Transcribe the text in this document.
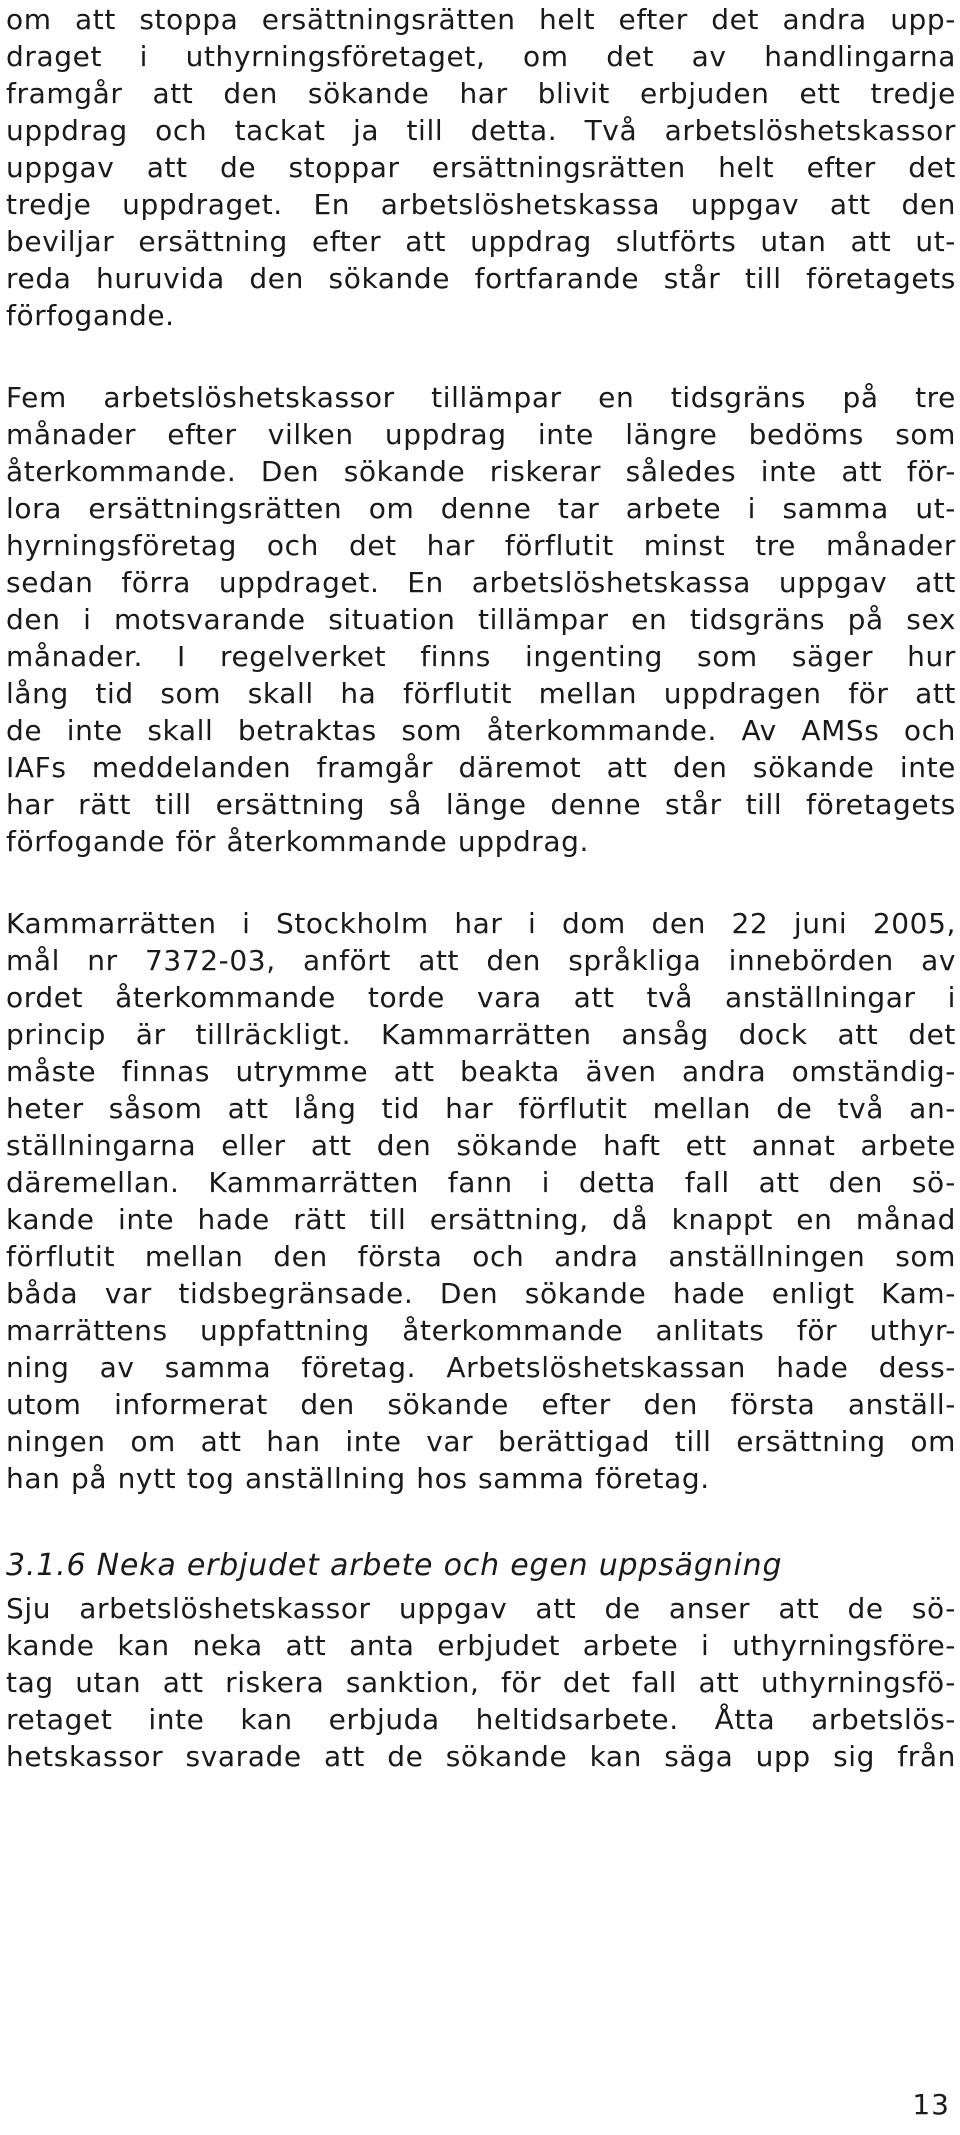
om att stoppa ersättningsrätten helt efter det andra upp-

draget i uthyrningsföretaget, om det av handlingarna

framgår att den sökande har blivit erbjuden ett tredje

uppdrag och tackat ja till detta. Två arbetslöshetskassor

uppgav att de stoppar ersättningsrätten helt efter det

tredje uppdraget. En arbetslöshetskassa uppgav att den

beviljar ersättning efter att uppdrag slutförts utan att ut-

reda huruvida den sökande fortfarande står till företagets

förfogande.

Fem arbetslöshetskassor tillämpar en tidsgräns på tre

månader efter vilken uppdrag inte längre bedöms som

återkommande. Den sökande riskerar således inte att för-

lora ersättningsrätten om denne tar arbete i samma ut-

hyrningsföretag och det har förflutit minst tre månader

sedan förra uppdraget. En arbetslöshetskassa uppgav att

den i motsvarande situation tillämpar en tidsgräns på sex

månader. I regelverket finns ingenting som säger hur

lång tid som skall ha förflutit mellan uppdragen för att

de inte skall betraktas som återkommande. Av AMSs och

IAFs meddelanden framgår däremot att den sökande inte

har rätt till ersättning så länge denne står till företagets

förfogande för återkommande uppdrag.

Kammarrätten i Stockholm har i dom den 22 juni 2005,

mål nr 7372-03, anfört att den språkliga innebörden av

ordet återkommande torde vara att två anställningar i

princip är tillräckligt. Kammarrätten ansåg dock att det

måste finnas utrymme att beakta även andra omständig-

heter såsom att lång tid har förflutit mellan de två an-

ställningarna eller att den sökande haft ett annat arbete

däremellan. Kammarrätten fann i detta fall att den sö-

kande inte hade rätt till ersättning, då knappt en månad

förflutit mellan den första och andra anställningen som

båda var tidsbegränsade. Den sökande hade enligt Kam-

marrättens uppfattning återkommande anlitats för uthyr-

ning av samma företag. Arbetslöshetskassan hade dess-

utom informerat den sökande efter den första anställ-

ningen om att han inte var berättigad till ersättning om

han på nytt tog anställning hos samma företag.

3.1.6 Neka erbjudet arbete och egen uppsägning

Sju arbetslöshetskassor uppgav att de anser att de sö-

kande kan neka att anta erbjudet arbete i uthyrningsföre-

tag utan att riskera sanktion, för det fall att uthyrningsfö-

retaget inte kan erbjuda heltidsarbete. Åtta arbetslös-

hetskassor svarade att de sökande kan säga upp sig från

13
